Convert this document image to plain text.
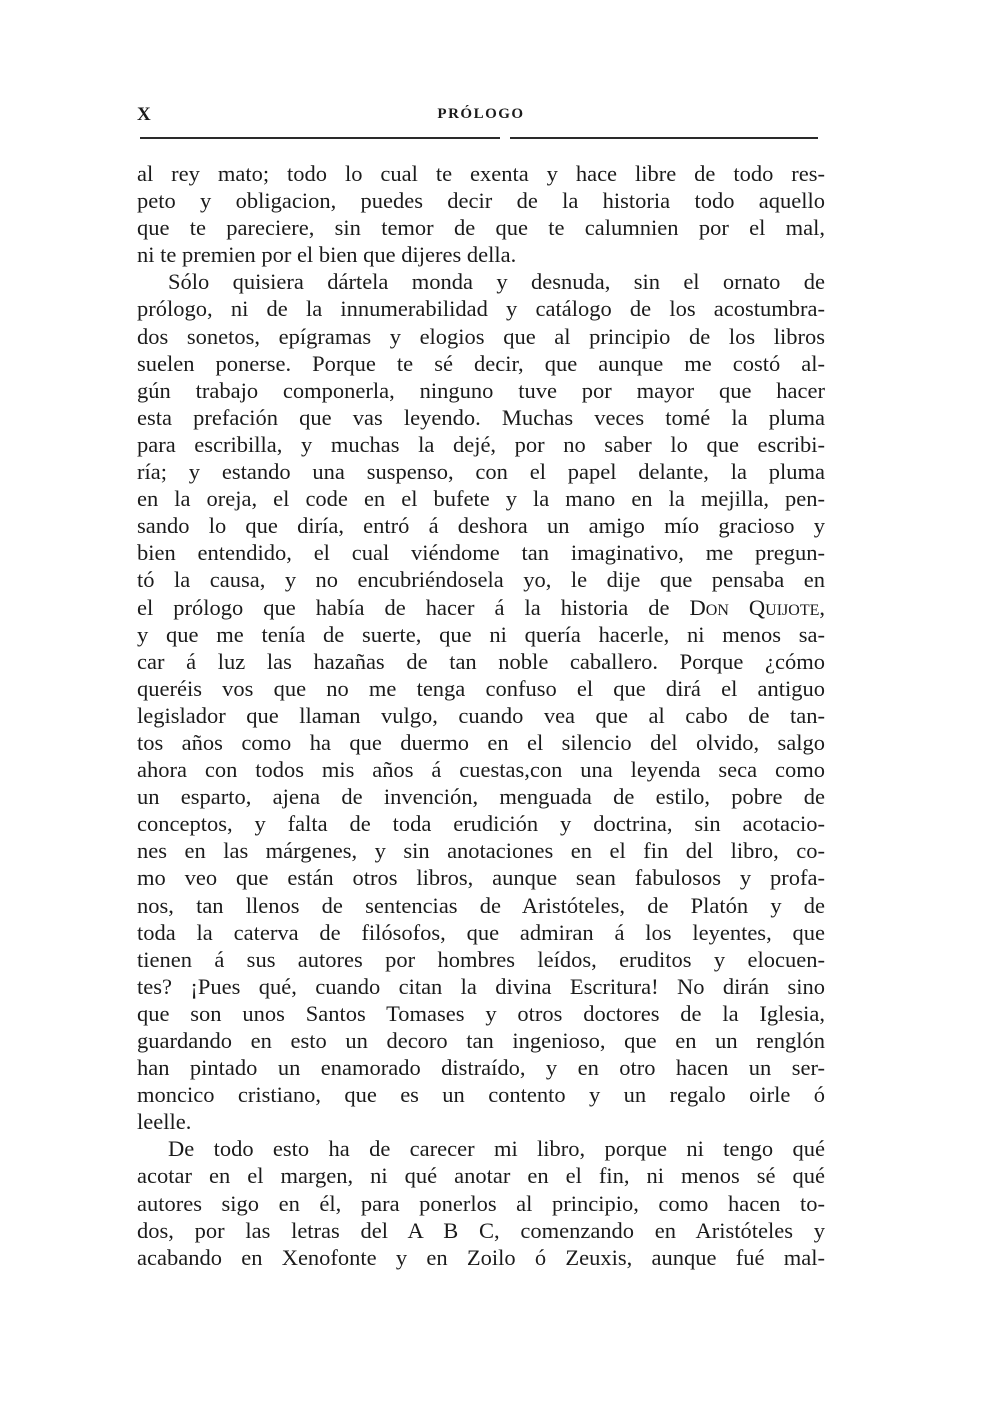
X	PRÓLOGO
al rey mato; todo lo cual te exenta y hace libre de todo res-
peto y obligacion, puedes decir de la historia todo aquello
que te pareciere, sin temor de que te calumnien por el mal,
ni te premien por el bien que dijeres della.
Sólo quisiera dártela monda y desnuda, sin el ornato de
prólogo, ni de la innumerabilidad y catálogo de los acostumbra-
dos sonetos, epígramas y elogios que al principio de los libros
suelen ponerse. Porque te sé decir, que aunque me costó al-
gún trabajo componerla, ninguno tuve por mayor que hacer
esta prefación que vas leyendo. Muchas veces tomé la pluma
para escribilla, y muchas la dejé, por no saber lo que escribi-
ría; y estando una suspenso, con el papel delante, la pluma
en la oreja, el code en el bufete y la mano en la mejilla, pen-
sando lo que diría, entró á deshora un amigo mío gracioso y
bien entendido, el cual viéndome tan imaginativo, me pregun-
tó la causa, y no encubriéndosela yo, le dije que pensaba en
el prólogo que había de hacer á la historia de Don Quijote,
y que me tenía de suerte, que ni quería hacerle, ni menos sa-
car á luz las hazañas de tan noble caballero. Porque ¿cómo
queréis vos que no me tenga confuso el que dirá el antiguo
legislador que llaman vulgo, cuando vea que al cabo de tan-
tos años como ha que duermo en el silencio del olvido, salgo
ahora con todos mis años á cuestas,con una leyenda seca como
un esparto, ajena de invención, menguada de estilo, pobre de
conceptos, y falta de toda erudición y doctrina, sin acotacio-
nes en las márgenes, y sin anotaciones en el fin del libro, co-
mo veo que están otros libros, aunque sean fabulosos y profa-
nos, tan llenos de sentencias de Aristóteles, de Platón y de
toda la caterva de filósofos, que admiran á los leyentes, que
tienen á sus autores por hombres leídos, eruditos y elocuen-
tes? ¡Pues qué, cuando citan la divina Escritura! No dirán sino
que son unos Santos Tomases y otros doctores de la Iglesia,
guardando en esto un decoro tan ingenioso, que en un renglón
han pintado un enamorado distraído, y en otro hacen un ser-
moncico cristiano, que es un contento y un regalo oirle ó
leelle.
De todo esto ha de carecer mi libro, porque ni tengo qué
acotar en el margen, ni qué anotar en el fin, ni menos sé qué
autores sigo en él, para ponerlos al principio, como hacen to-
dos, por las letras del A B C, comenzando en Aristóteles y
acabando en Xenofonte y en Zoilo ó Zeuxis, aunque fué mal-
